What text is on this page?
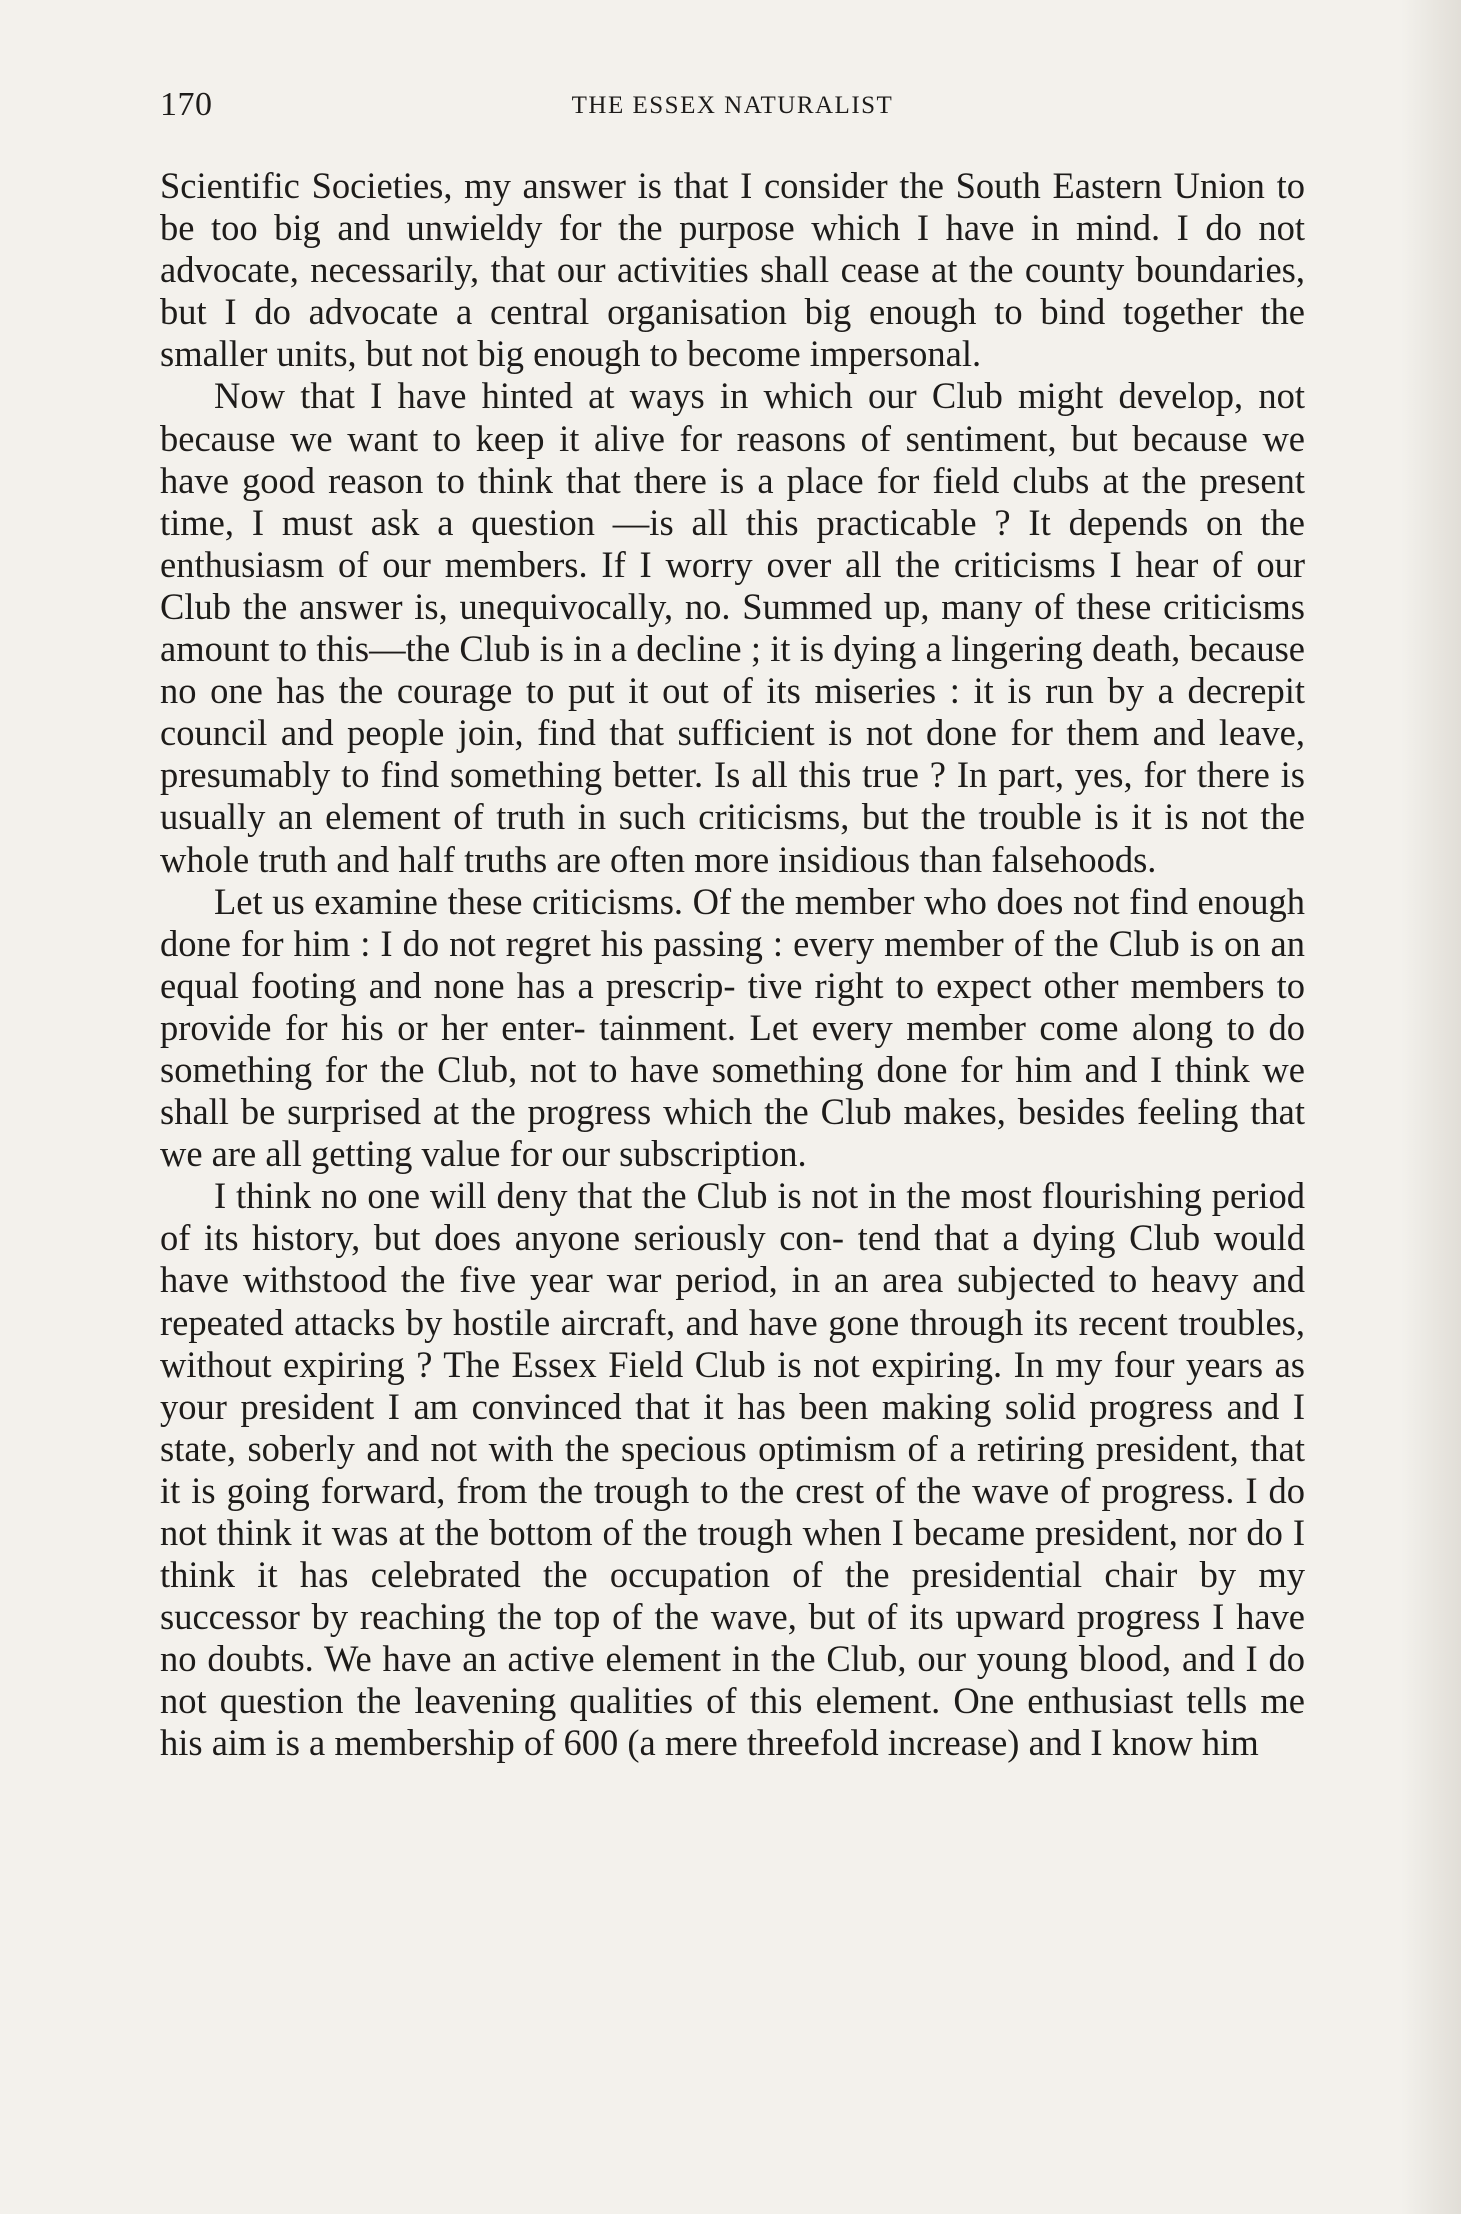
170	THE ESSEX NATURALIST

Scientific Societies, my answer is that I consider the South Eastern Union to be too big and unwieldy for the purpose which I have in mind. I do not advocate, necessarily, that our activities shall cease at the county boundaries, but I do advocate a central organisation big enough to bind together the smaller units, but not big enough to become impersonal.

Now that I have hinted at ways in which our Club might develop, not because we want to keep it alive for reasons of sentiment, but because we have good reason to think that there is a place for field clubs at the present time, I must ask a question —is all this practicable ? It depends on the enthusiasm of our members. If I worry over all the criticisms I hear of our Club the answer is, unequivocally, no. Summed up, many of these criticisms amount to this—the Club is in a decline ; it is dying a lingering death, because no one has the courage to put it out of its miseries : it is run by a decrepit council and people join, find that sufficient is not done for them and leave, presumably to find something better. Is all this true ? In part, yes, for there is usually an element of truth in such criticisms, but the trouble is it is not the whole truth and half truths are often more insidious than falsehoods.

Let us examine these criticisms. Of the member who does not find enough done for him : I do not regret his passing : every member of the Club is on an equal footing and none has a prescrip- tive right to expect other members to provide for his or her enter- tainment. Let every member come along to do something for the Club, not to have something done for him and I think we shall be surprised at the progress which the Club makes, besides feeling that we are all getting value for our subscription.

I think no one will deny that the Club is not in the most flourishing period of its history, but does anyone seriously con- tend that a dying Club would have withstood the five year war period, in an area subjected to heavy and repeated attacks by hostile aircraft, and have gone through its recent troubles, without expiring ? The Essex Field Club is not expiring. In my four years as your president I am convinced that it has been making solid progress and I state, soberly and not with the specious optimism of a retiring president, that it is going forward, from the trough to the crest of the wave of progress. I do not think it was at the bottom of the trough when I became president, nor do I think it has celebrated the occupation of the presidential chair by my successor by reaching the top of the wave, but of its upward progress I have no doubts. We have an active element in the Club, our young blood, and I do not question the leavening qualities of this element. One enthusiast tells me his aim is a membership of 600 (a mere threefold increase) and I know him
